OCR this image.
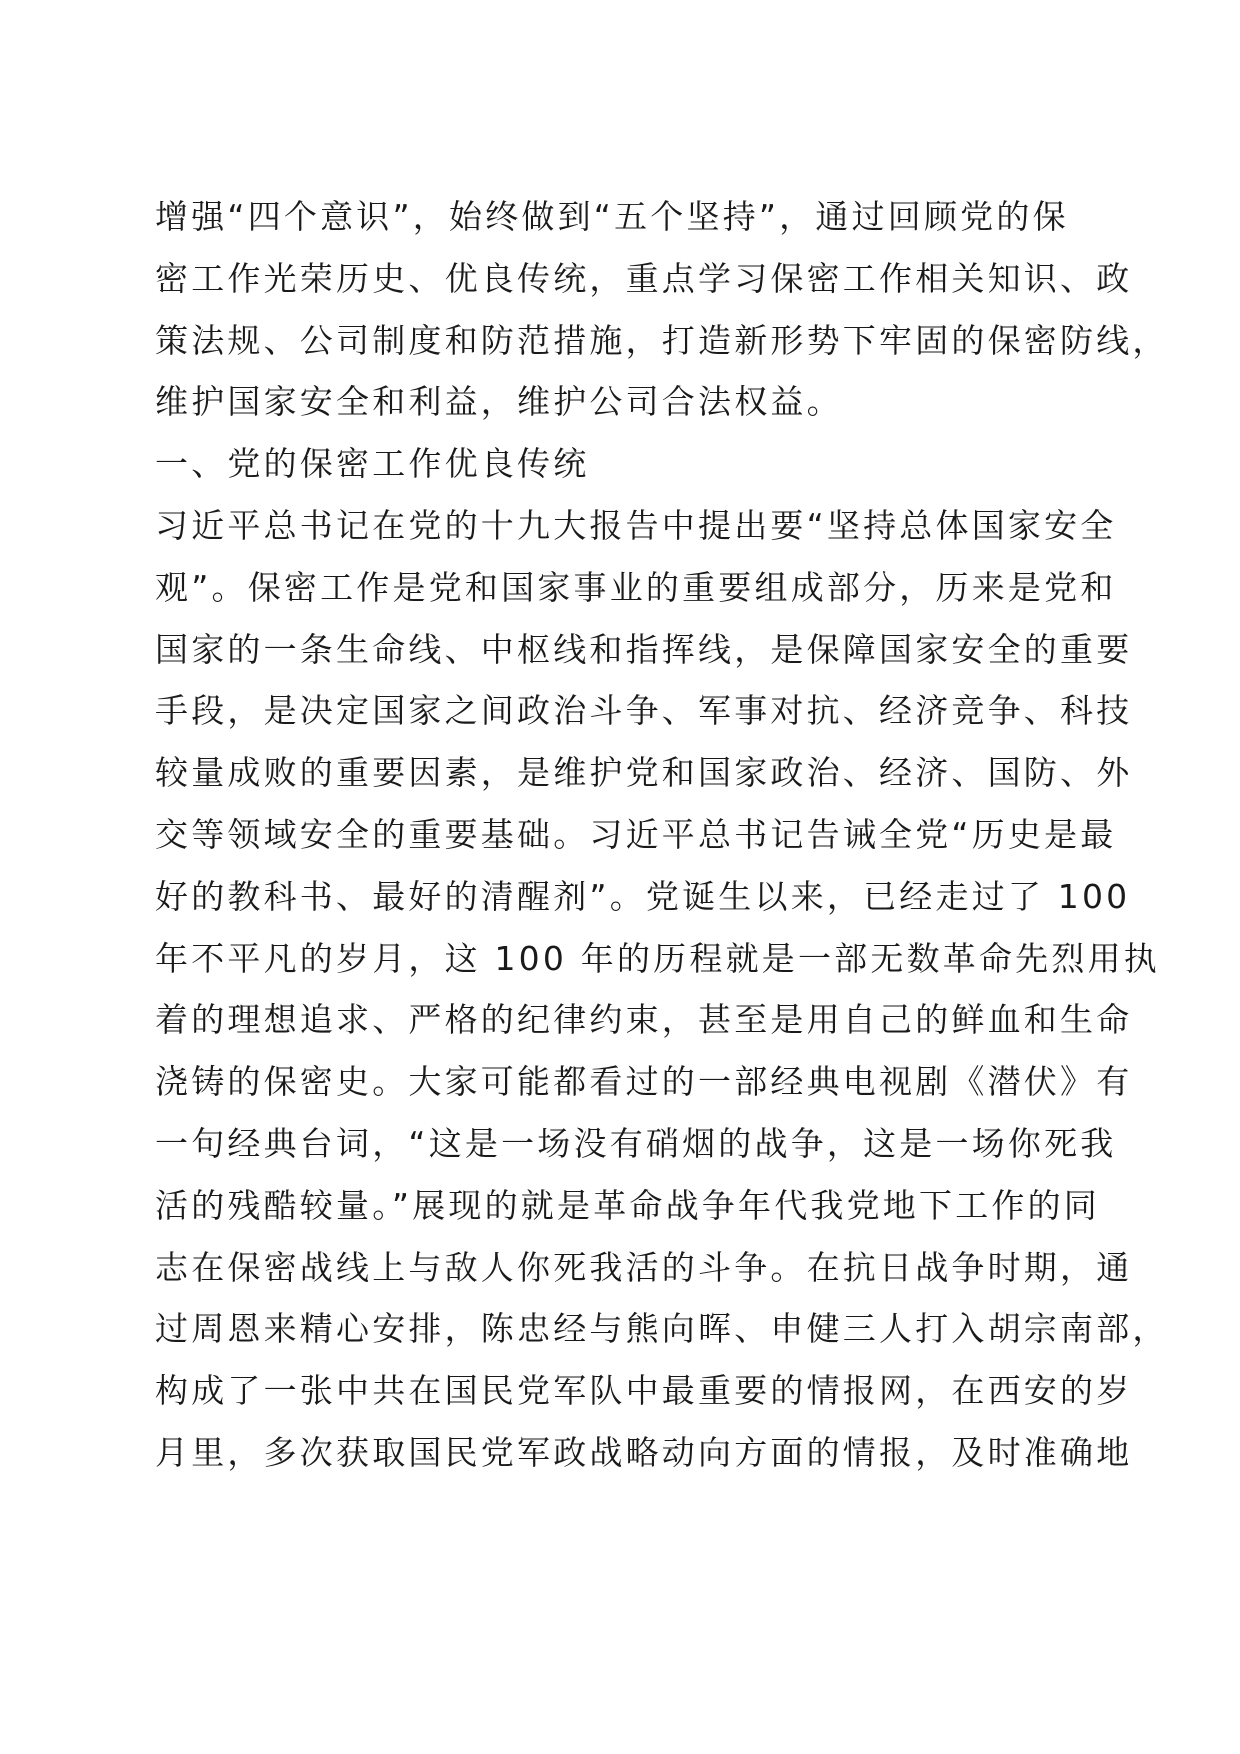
增强“四个意识”，始终做到“五个坚持”，通过回顾党的保
密工作光荣历史、优良传统，重点学习保密工作相关知识、政
策法规、公司制度和防范措施，打造新形势下牢固的保密防线，
维护国家安全和利益，维护公司合法权益。
一、党的保密工作优良传统
习近平总书记在党的十九大报告中提出要“坚持总体国家安全
观”。保密工作是党和国家事业的重要组成部分，历来是党和
国家的一条生命线、中枢线和指挥线，是保障国家安全的重要
手段，是决定国家之间政治斗争、军事对抗、经济竞争、科技
较量成败的重要因素，是维护党和国家政治、经济、国防、外
交等领域安全的重要基础。习近平总书记告诫全党“历史是最
好的教科书、最好的清醒剂”。党诞生以来，已经走过了 100
年不平凡的岁月，这 100 年的历程就是一部无数革命先烈用执
着的理想追求、严格的纪律约束，甚至是用自己的鲜血和生命
浇铸的保密史。大家可能都看过的一部经典电视剧《潜伏》有
一句经典台词，“这是一场没有硝烟的战争，这是一场你死我
活的残酷较量。”展现的就是革命战争年代我党地下工作的同
志在保密战线上与敌人你死我活的斗争。在抗日战争时期，通
过周恩来精心安排，陈忠经与熊向晖、申健三人打入胡宗南部，
构成了一张中共在国民党军队中最重要的情报网，在西安的岁
月里，多次获取国民党军政战略动向方面的情报，及时准确地
